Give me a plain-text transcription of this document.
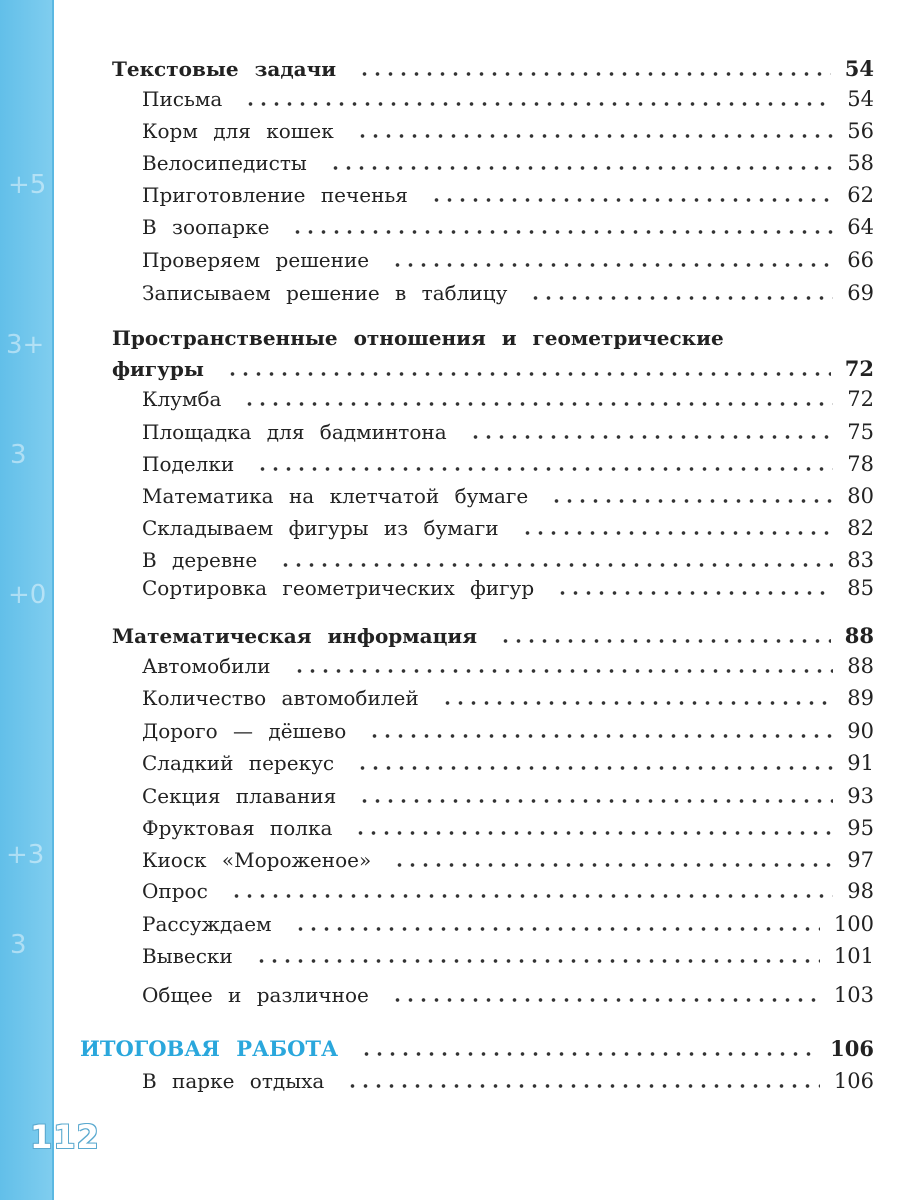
+5
3+
3
+0
+3
3
112
Текстовые задачи	54
Письма	54
Корм для кошек	56
Велосипедисты	58
Приготовление печенья	62
В зоопарке	64
Проверяем решение	66
Записываем решение в таблицу	69
Пространственные отношения и геометрические
фигуры	72
Клумба	72
Площадка для бадминтона	75
Поделки	78
Математика на клетчатой бумаге	80
Складываем фигуры из бумаги	82
В деревне	83
Сортировка геометрических фигур	85
Математическая информация	88
Автомобили	88
Количество автомобилей	89
Дорого — дёшево	90
Сладкий перекус	91
Секция плавания	93
Фруктовая полка	95
Киоск «Мороженое»	97
Опрос	98
Рассуждаем	100
Вывески	101
Общее и различное	103
ИТОГОВАЯ РАБОТА	106
В парке отдыха	106
